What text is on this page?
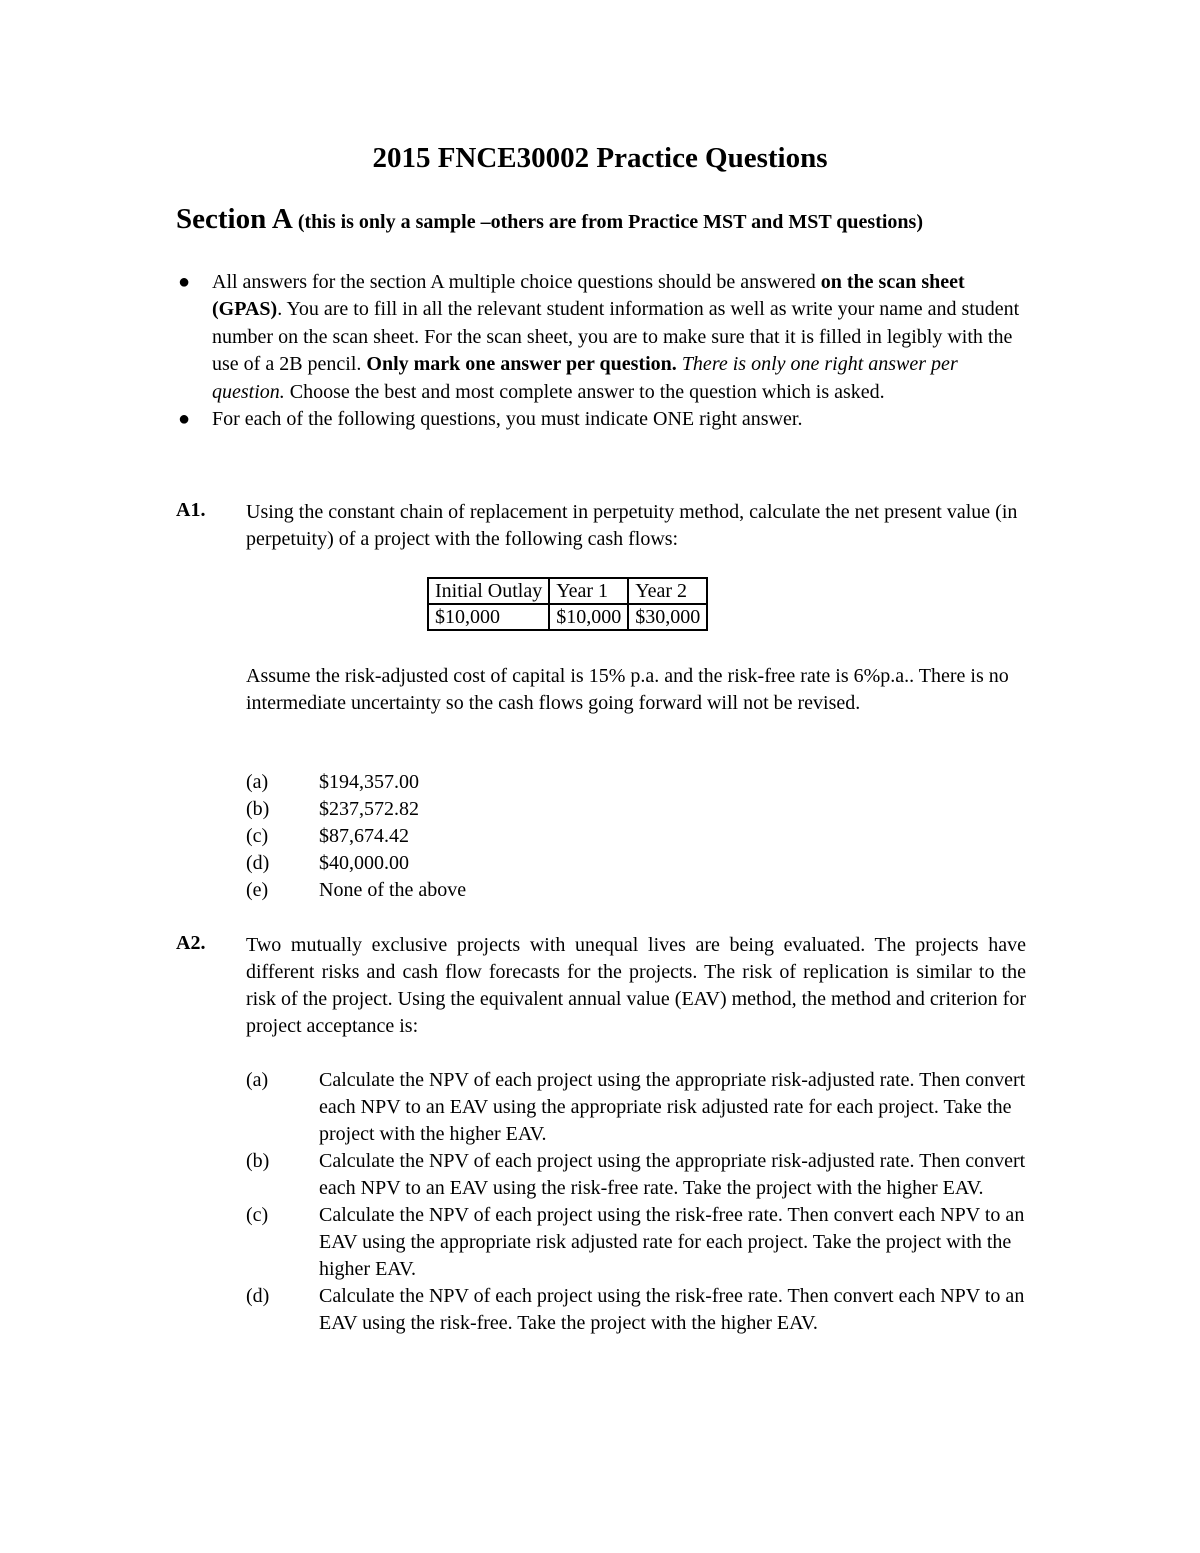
2015 FNCE30002 Practice Questions
Section A (this is only a sample –others are from Practice MST and MST questions)
● All answers for the section A multiple choice questions should be answered on the scan sheet (GPAS). You are to fill in all the relevant student information as well as write your name and student number on the scan sheet. For the scan sheet, you are to make sure that it is filled in legibly with the use of a 2B pencil. Only mark one answer per question. There is only one right answer per question. Choose the best and most complete answer to the question which is asked.
● For each of the following questions, you must indicate ONE right answer.
A1. Using the constant chain of replacement in perpetuity method, calculate the net present value (in perpetuity) of a project with the following cash flows:
Initial Outlay	Year 1	Year 2
$10,000	$10,000	$30,000
Assume the risk-adjusted cost of capital is 15% p.a. and the risk-free rate is 6%p.a.. There is no intermediate uncertainty so the cash flows going forward will not be revised.
(a)	$194,357.00
(b) $237,572.82
(c)	$87,674.42
(d) $40,000.00
(e)	None of the above
A2. Two mutually exclusive projects with unequal lives are being evaluated. The projects have different risks and cash flow forecasts for the projects. The risk of replication is similar to the risk of the project. Using the equivalent annual value (EAV) method, the method and criterion for project acceptance is:
(a)	Calculate the NPV of each project using the appropriate risk-adjusted rate. Then convert each NPV to an EAV using the appropriate risk adjusted rate for each project. Take the project with the higher EAV.
(b) Calculate the NPV of each project using the appropriate risk-adjusted rate. Then convert each NPV to an EAV using the risk-free rate. Take the project with the higher EAV.
(c)	Calculate the NPV of each project using the risk-free rate. Then convert each NPV to an EAV using the appropriate risk adjusted rate for each project. Take the project with the higher EAV.
(d) Calculate the NPV of each project using the risk-free rate. Then convert each NPV to an EAV using the risk-free. Take the project with the higher EAV.
